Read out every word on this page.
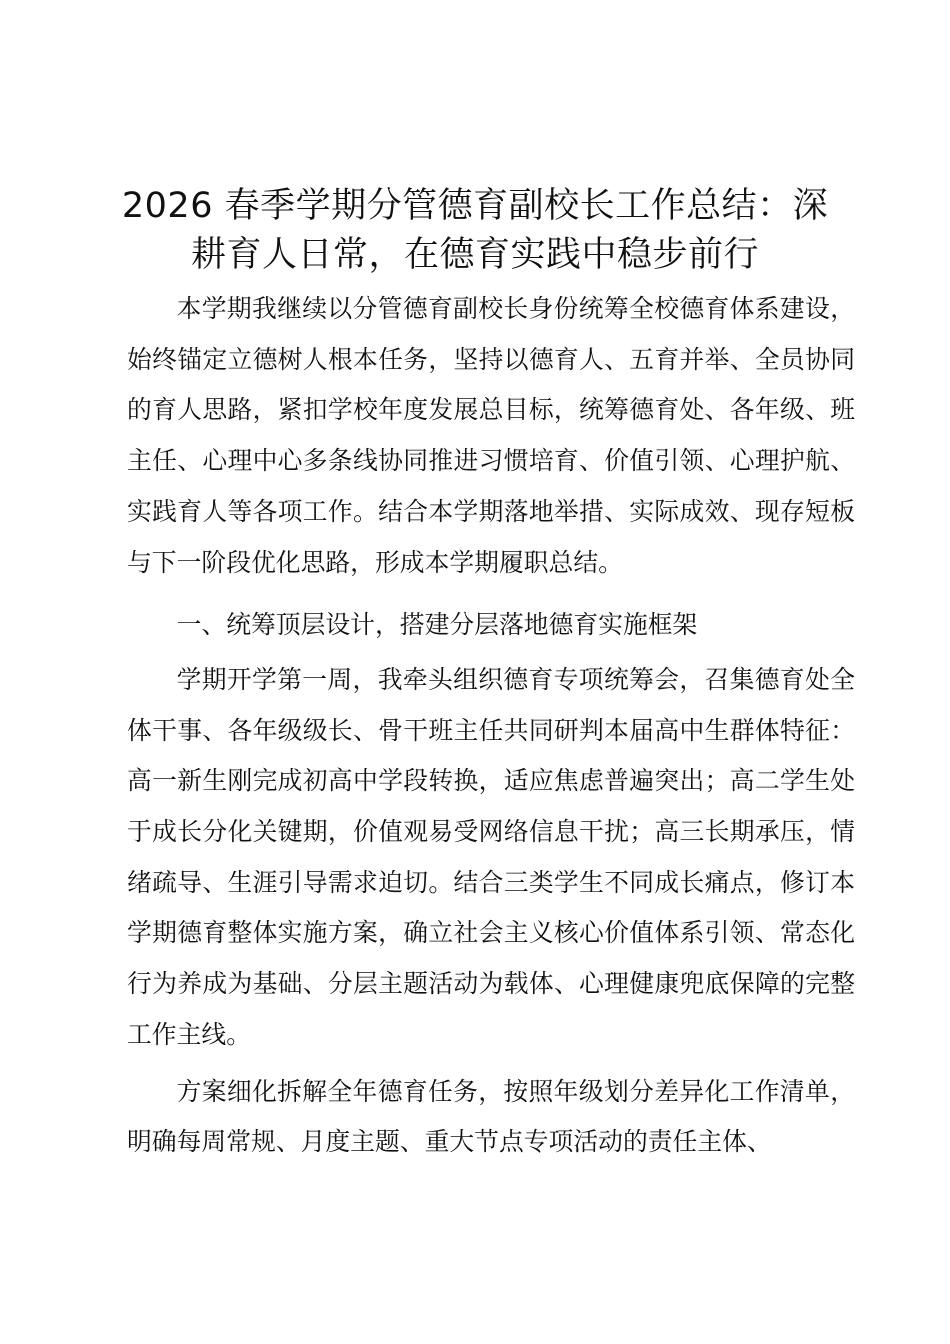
2026 春季学期分管德育副校长工作总结：深耕育人日常，在德育实践中稳步前行

本学期我继续以分管德育副校长身份统筹全校德育体系建设，始终锚定立德树人根本任务，坚持以德育人、五育并举、全员协同的育人思路，紧扣学校年度发展总目标，统筹德育处、各年级、班主任、心理中心多条线协同推进习惯培育、价值引领、心理护航、实践育人等各项工作。结合本学期落地举措、实际成效、现存短板与下一阶段优化思路，形成本学期履职总结。

一、统筹顶层设计，搭建分层落地德育实施框架

学期开学第一周，我牵头组织德育专项统筹会，召集德育处全体干事、各年级级长、骨干班主任共同研判本届高中生群体特征：高一新生刚完成初高中学段转换，适应焦虑普遍突出；高二学生处于成长分化关键期，价值观易受网络信息干扰；高三长期承压，情绪疏导、生涯引导需求迫切。结合三类学生不同成长痛点，修订本学期德育整体实施方案，确立社会主义核心价值体系引领、常态化行为养成为基础、分层主题活动为载体、心理健康兜底保障的完整工作主线。

方案细化拆解全年德育任务，按照年级划分差异化工作清单，明确每周常规、月度主题、重大节点专项活动的责任主体、
